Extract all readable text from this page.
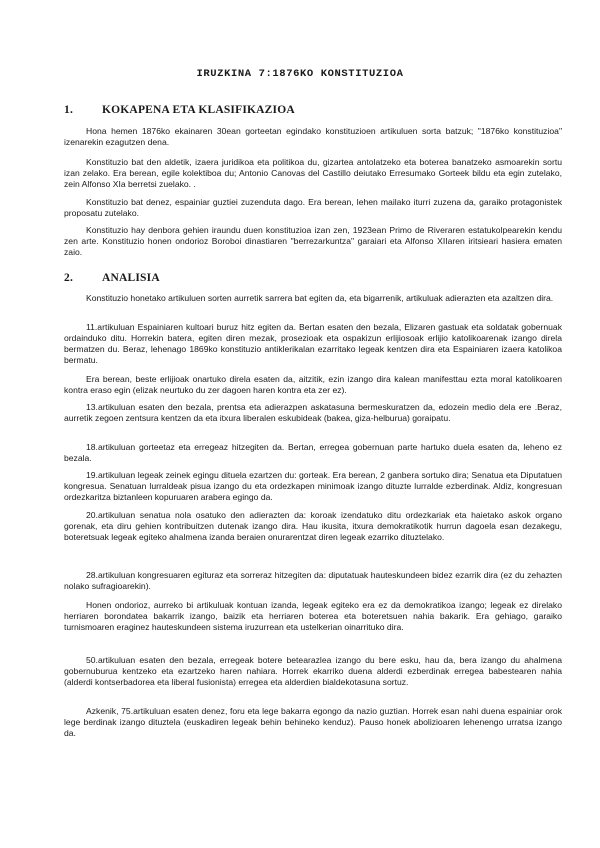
IRUZKINA 7:1876KO KONSTITUZIOA
1.	KOKAPENA ETA KLASIFIKAZIOA

Hona hemen 1876ko ekainaren 30ean gorteetan egindako konstituzioen artikuluen sorta batzuk; "1876ko konstituzioa" izenarekin ezagutzen dena.

Konstituzio bat den aldetik, izaera juridikoa eta politikoa du, gizartea antolatzeko eta boterea banatzeko asmoarekin sortu izan zelako. Era berean, egile kolektiboa du; Antonio Canovas del Castillo deiutako Erresumako Gorteek bildu eta egin zutelako, zein Alfonso XIa berretsi zuelako. .

Konstituzio bat denez, espainiar guztiei zuzenduta dago. Era berean, lehen mailako iturri zuzena da, garaiko protagonistek proposatu zutelako.

Konstituzio hay denbora gehien iraundu duen konstituzioa izan zen, 1923ean Primo de Riveraren estatukolpearekin kendu zen arte. Konstituzio honen ondorioz Boroboi dinastiaren "berrezarkuntza" garaiari eta Alfonso XIIaren iritsieari hasiera ematen zaio.

2.	ANALISIA

Konstituzio honetako artikuluen sorten aurretik sarrera bat egiten da, eta bigarrenik, artikuluak adierazten eta azaltzen dira.

11.artikuluan Espainiaren kultoari buruz hitz egiten da. Bertan esaten den bezala, Elizaren gastuak eta soldatak gobernuak ordainduko ditu. Horrekin batera, egiten diren mezak, prosezioak eta ospakizun erlijiosoak erlijio katolikoarenak izango direla bermatzen du. Beraz, lehenago 1869ko konstituzio antiklerikalan ezarritako legeak kentzen dira eta Espainiaren izaera katolikoa bermatu.

Era berean, beste erlijioak onartuko direla esaten da, aitzitik, ezin izango dira kalean manifesttau ezta moral katolikoaren kontra eraso egin (elizak neurtuko du zer dagoen haren kontra eta zer ez).

13.artikuluan esaten den bezala, prentsa eta adierazpen askatasuna bermeskuratzen da, edozein medio dela ere .Beraz, aurretik zegoen zentsura kentzen da eta itxura liberalen eskubideak (bakea, giza-helburua) goraipatu.

18.artikuluan gorteetaz eta erregeaz hitzegiten da. Bertan, erregea gobernuan parte hartuko duela esaten da, leheno ez bezala.

19.artikuluan legeak zeinek egingu dituela ezartzen du: gorteak. Era berean, 2 ganbera sortuko dira; Senatua eta Diputatuen kongresua. Senatuan lurraldeak pisua izango du eta ordezkapen minimoak izango dituzte lurralde ezberdinak. Aldiz, kongresuan ordezkaritza biztanleen kopuruaren arabera egingo da.

20.artikuluan senatua nola osatuko den adierazten da: koroak izendatuko ditu ordezkariak eta haietako askok organo gorenak, eta diru gehien kontribuitzen dutenak izango dira. Hau ikusita, itxura demokratikotik hurrun dagoela esan dezakegu, boteretsuak legeak egiteko ahalmena izanda beraien onurarentzat diren legeak ezarriko dituztelako.

28.artikuluan kongresuaren egituraz eta sorreraz hitzegiten da: diputatuak hauteskundeen bidez ezarrik dira (ez du zehazten nolako sufragioarekin).

Honen ondorioz, aurreko bi artikuluak kontuan izanda, legeak egiteko era ez da demokratikoa izango; legeak ez direlako herriaren borondatea bakarrik izango, baizik eta herriaren boterea eta boteretsuen nahia bakarik. Era gehiago, garaiko turnismoaren eraginez hauteskundeen sistema iruzurrean eta ustelkerian oinarrituko dira.

50.artikuluan esaten den bezala, erregeak botere betearazlea izango du bere esku, hau da, bera izango du ahalmena gobernuburua kentzeko eta ezartzeko haren nahiara. Horrek ekarriko duena alderdi ezberdinak erregea babestearen nahia (alderdi kontserbadorea eta liberal fusionista) erregea eta alderdien bialdekotasuna sortuz.

Azkenik, 75.artikuluan esaten denez, foru eta lege bakarra egongo da nazio guztian. Horrek esan nahi duena espainiar orok lege berdinak izango dituztela (euskadiren legeak behin behineko kenduz). Pauso honek abolizioaren lehenengo urratsa izango da.
